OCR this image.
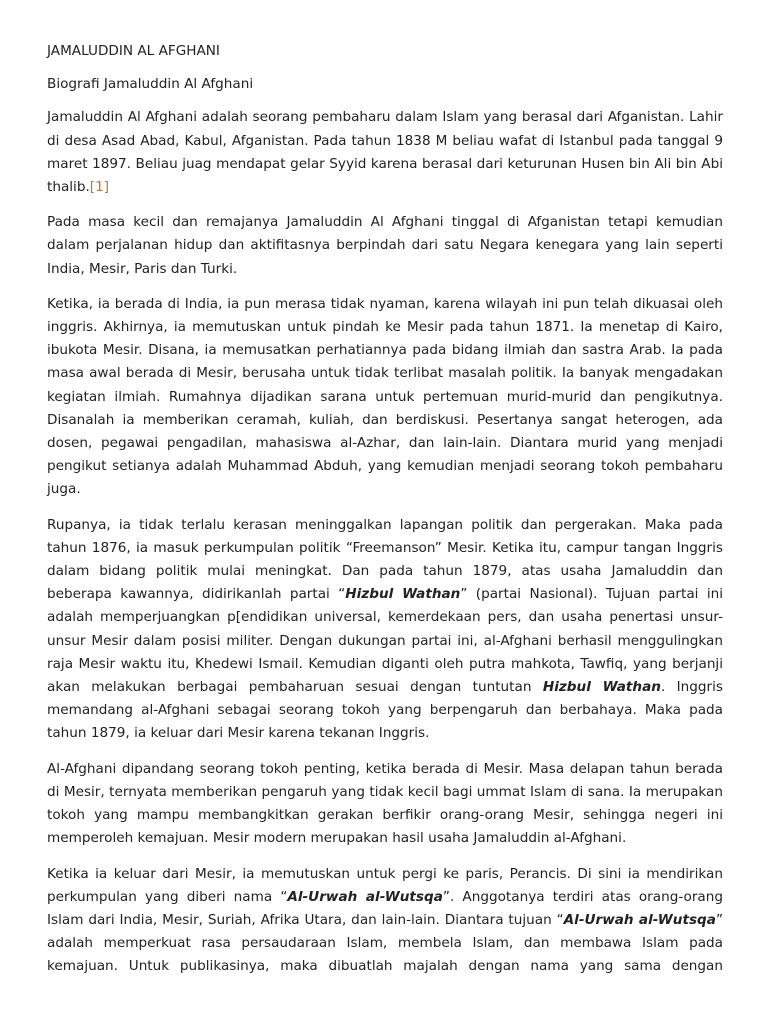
JAMALUDDIN AL AFGHANI

Biografi Jamaluddin Al Afghani

Jamaluddin Al Afghani adalah seorang pembaharu dalam Islam yang berasal dari Afganistan. Lahir di desa Asad Abad, Kabul, Afganistan. Pada tahun 1838 M beliau wafat di Istanbul pada tanggal 9 maret 1897. Beliau juag mendapat gelar Syyid karena berasal dari keturunan Husen bin Ali bin Abi thalib.[1]

Pada masa kecil dan remajanya Jamaluddin Al Afghani tinggal di Afganistan tetapi kemudian dalam perjalanan hidup dan aktifitasnya berpindah dari satu Negara kenegara yang lain seperti India, Mesir, Paris dan Turki.

Ketika, ia berada di India, ia pun merasa tidak nyaman, karena wilayah ini pun telah dikuasai oleh inggris. Akhirnya, ia memutuskan untuk pindah ke Mesir pada tahun 1871. Ia menetap di Kairo, ibukota Mesir. Disana, ia memusatkan perhatiannya pada bidang ilmiah dan sastra Arab. Ia pada masa awal berada di Mesir, berusaha untuk tidak terlibat masalah politik. Ia banyak mengadakan kegiatan ilmiah. Rumahnya dijadikan sarana untuk pertemuan murid-murid dan pengikutnya. Disanalah ia memberikan ceramah, kuliah, dan berdiskusi. Pesertanya sangat heterogen, ada dosen, pegawai pengadilan, mahasiswa al-Azhar, dan lain-lain. Diantara murid yang menjadi pengikut setianya adalah Muhammad Abduh, yang kemudian menjadi seorang tokoh pembaharu juga.

Rupanya, ia tidak terlalu kerasan meninggalkan lapangan politik dan pergerakan. Maka pada tahun 1876, ia masuk perkumpulan politik “Freemanson” Mesir. Ketika itu, campur tangan Inggris dalam bidang politik mulai meningkat. Dan pada tahun 1879, atas usaha Jamaluddin dan beberapa kawannya, didirikanlah partai “Hizbul Wathan” (partai Nasional). Tujuan partai ini adalah memperjuangkan p[endidikan universal, kemerdekaan pers, dan usaha penertasi unsur-unsur Mesir dalam posisi militer. Dengan dukungan partai ini, al-Afghani berhasil menggulingkan raja Mesir waktu itu, Khedewi Ismail. Kemudian diganti oleh putra mahkota, Tawfiq, yang berjanji akan melakukan berbagai pembaharuan sesuai dengan tuntutan Hizbul Wathan. Inggris memandang al-Afghani sebagai seorang tokoh yang berpengaruh dan berbahaya. Maka pada tahun 1879, ia keluar dari Mesir karena tekanan Inggris.

Al-Afghani dipandang seorang tokoh penting, ketika berada di Mesir. Masa delapan tahun berada di Mesir, ternyata memberikan pengaruh yang tidak kecil bagi ummat Islam di sana. Ia merupakan tokoh yang mampu membangkitkan gerakan berfikir orang-orang Mesir, sehingga negeri ini memperoleh kemajuan. Mesir modern merupakan hasil usaha Jamaluddin al-Afghani.

Ketika ia keluar dari Mesir, ia memutuskan untuk pergi ke paris, Perancis. Di sini ia mendirikan perkumpulan yang diberi nama “Al-Urwah al-Wutsqa”. Anggotanya terdiri atas orang-orang Islam dari India, Mesir, Suriah, Afrika Utara, dan lain-lain. Diantara tujuan “Al-Urwah al-Wutsqa” adalah memperkuat rasa persaudaraan Islam, membela Islam, dan membawa Islam pada kemajuan. Untuk publikasinya, maka dibuatlah majalah dengan nama yang sama dengan
